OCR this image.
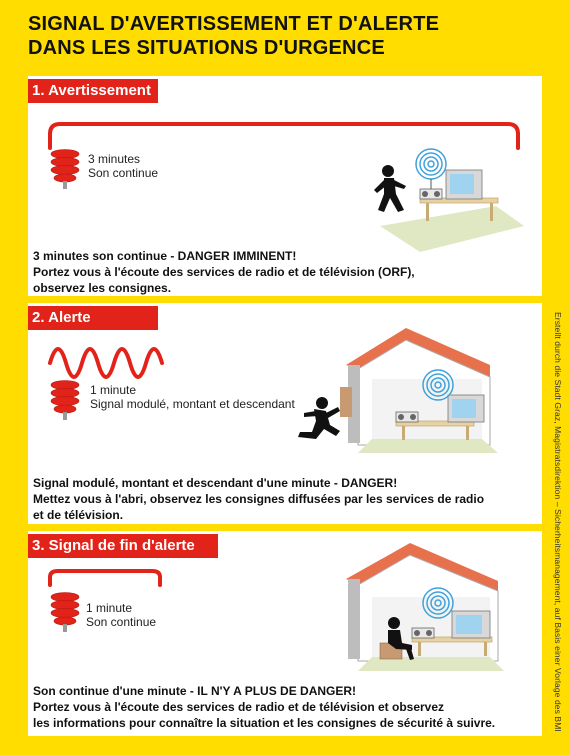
SIGNAL D'AVERTISSEMENT ET D'ALERTE
DANS LES SITUATIONS D'URGENCE
1. Avertissement
3 minutes
Son continue
3 minutes son continue - DANGER IMMINENT!
Portez vous à l'écoute des services de radio et de télévision (ORF),
observez les consignes.
2. Alerte
1 minute
Signal modulé, montant et descendant
Signal modulé, montant et descendant d'une minute - DANGER!
Mettez vous à l'abri, observez les consignes diffusées par les services de radio
et de télévision.
3. Signal de fin d'alerte
1 minute
Son continue
Son continue d'une minute - IL N'Y A PLUS DE DANGER!
Portez vous à l'écoute des services de radio et de télévision et observez
les informations pour connaître la situation et les consignes de sécurité à suivre.	Erstellt durch die Stadt Graz, Magistratsdirektion – Sicherheitsmanagement, auf Basis einer Vorlage des BMI
